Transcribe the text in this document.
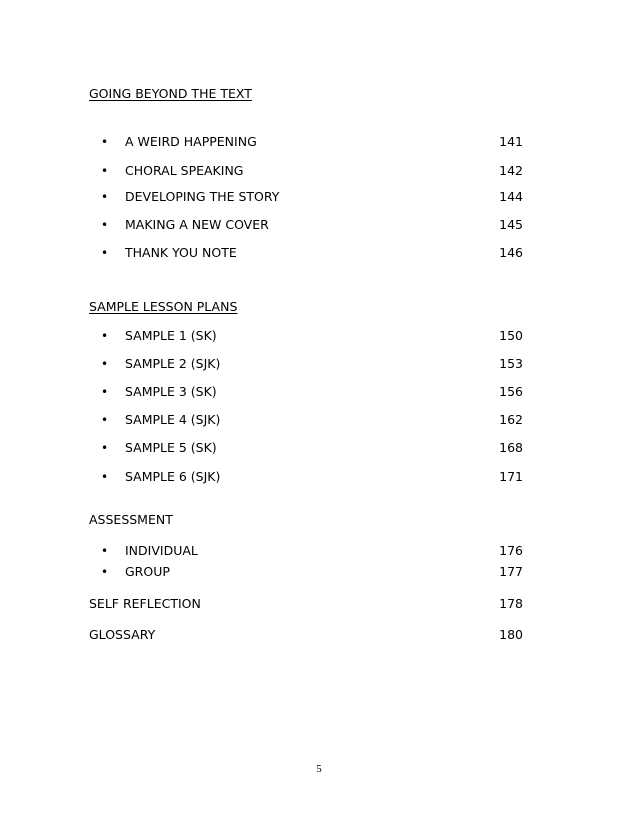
GOING BEYOND THE TEXT
• A WEIRD HAPPENING	141
• CHORAL SPEAKING	142
• DEVELOPING THE STORY	144
• MAKING A NEW COVER	145
• THANK YOU NOTE	146
SAMPLE LESSON PLANS
• SAMPLE 1 (SK)	150
• SAMPLE 2 (SJK)	153
• SAMPLE 3 (SK)	156
• SAMPLE 4 (SJK)	162
• SAMPLE 5 (SK)	168
• SAMPLE 6 (SJK)	171
ASSESSMENT
• INDIVIDUAL	176
• GROUP	177
SELF REFLECTION	178
GLOSSARY	180
5
